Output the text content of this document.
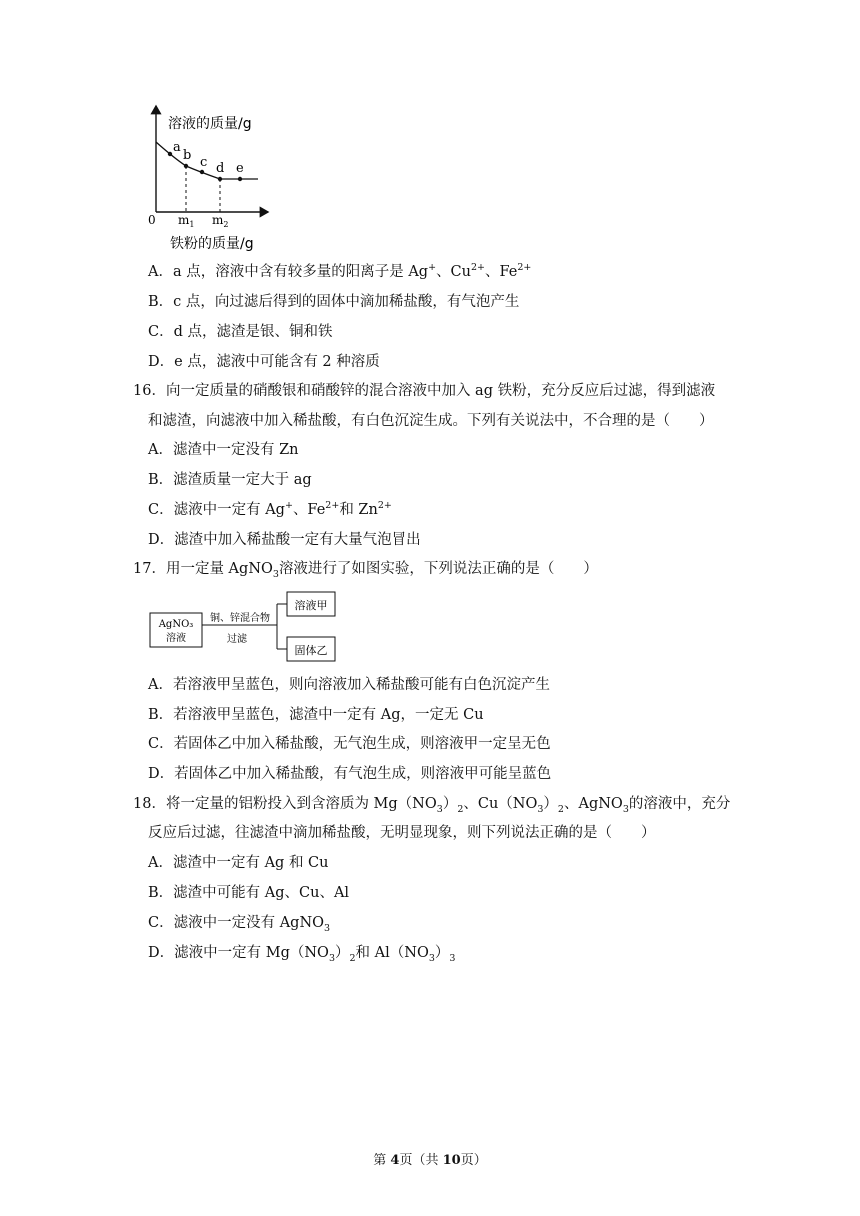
溶液的质量/g
a
b c d e
0 $m_1$ $m_2$
铁粉的质量/g
A．a 点，溶液中含有较多量的阳离子是 Ag+、$Cu^{2+}$、$Fe^{2+}$
B．c 点，向过滤后得到的固体中滴加稀盐酸，有气泡产生
C．d 点，滤渣是银、铜和铁
D．e 点，滤液中可能含有 2 种溶质
16．向一定质量的硝酸银和硝酸锌的混合溶液中加入 ag 铁粉，充分反应后过滤，得到滤液
和滤渣，向滤液中加入稀盐酸，有白色沉淀生成。下列有关说法中，不合理的是（　　）
A．滤渣中一定没有 Zn
B．滤渣质量一定大于 ag
C．滤液中一定有 Ag+、$Fe^{2+}$和 $Zn^{2+}$
D．滤渣中加入稀盐酸一定有大量气泡冒出
17．用一定量 AgNO$_3$溶液进行了如图实验，下列说法正确的是（　　）
AgNO₃
溶液
铜、锌混合物
过滤
溶液甲
固体乙
A．若溶液甲呈蓝色，则向溶液加入稀盐酸可能有白色沉淀产生
B．若溶液甲呈蓝色，滤渣中一定有 Ag，一定无 Cu
C．若固体乙中加入稀盐酸，无气泡生成，则溶液甲一定呈无色
D．若固体乙中加入稀盐酸，有气泡生成，则溶液甲可能呈蓝色
18．将一定量的铝粉投入到含溶质为 $Mg(NO_3)_2$、$Cu(NO_3)_2$、AgNO$_3$的溶液中，充分
反应后过滤，往滤渣中滴加稀盐酸，无明显现象，则下列说法正确的是（　　）
A．滤渣中一定有 Ag 和 Cu
B．滤渣中可能有 Ag、Cu、Al
C．滤液中一定没有 AgNO$_3$
D．滤液中一定有 $Mg(NO_3)_2$和 $Al(NO_3)_3$
第 4页（共 10页）
